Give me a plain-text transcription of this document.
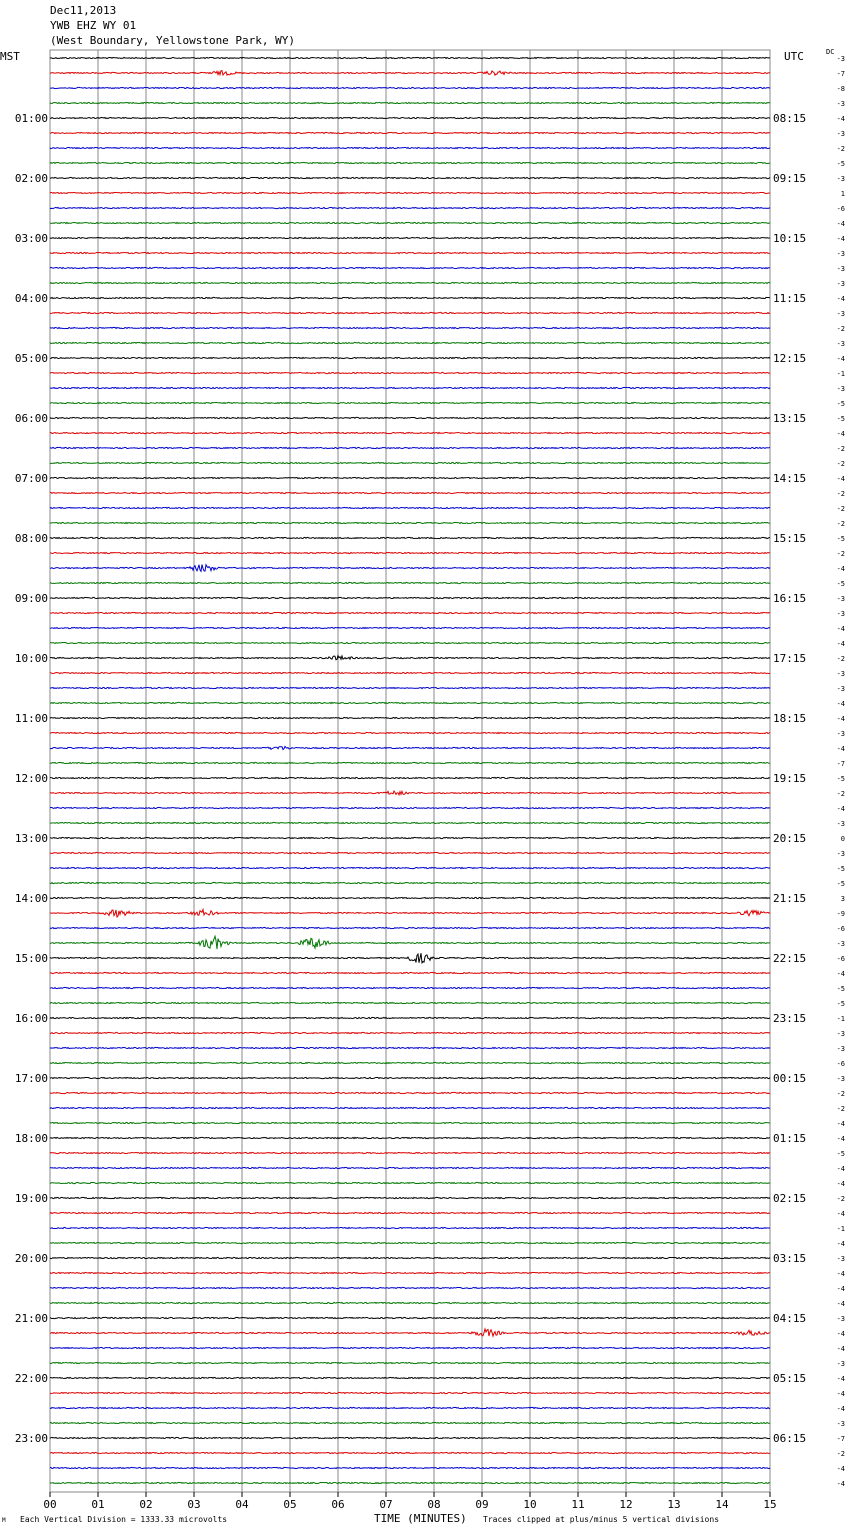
Dec11,2013
YWB EHZ WY 01
(West Boundary, Yellowstone Park, WY)
MST	UTC	DC
M Each Vertical Division = 1333.33 microvolts	TIME (MINUTES) Traces clipped at plus/minus 5 vertical divisions
01:00
02:00
03:00
04:00
05:00
06:00
07:00
08:00
09:00
10:00
11:00
12:00
13:00
14:00
15:00
16:00
17:00
18:00
19:00
20:00
21:00
22:00
23:00
08:15
09:15
10:15
11:15
12:15
13:15
14:15
15:15
16:15
17:15
18:15
19:15
20:15
21:15
22:15
23:15
00:15
01:15
02:15
03:15
04:15
05:15
06:15
-3
-7
-8
-3
-4
-3
-2
-5
-3
1
-6
-4
-4
-3
-3
-3
-4
-3
-2
-3
-4
-1
-3
-5
-5
-4
-2
-2
-4
-2
-2
-2
-5
-2
-4
-5
-3
-3
-4
-4
-2
-3
-3
-4
-4
-3
-4
-7
-5
-2
-4
-3
0
-3
-5
-5
3
-9
-6
-3
-6
-4
-5
-5
-1
-3
-3
-6
-3
-2
-2
-4
-4
-5
-4
-4
-2
-4
-1
-4
-3
-4
-4
-4
-3
-4
-4
-3
-4
-4
-4
-3
-7
-2
-4
-4
00	01	02	03	04	05	06	07	08	09	10	11	12	13	14	15
